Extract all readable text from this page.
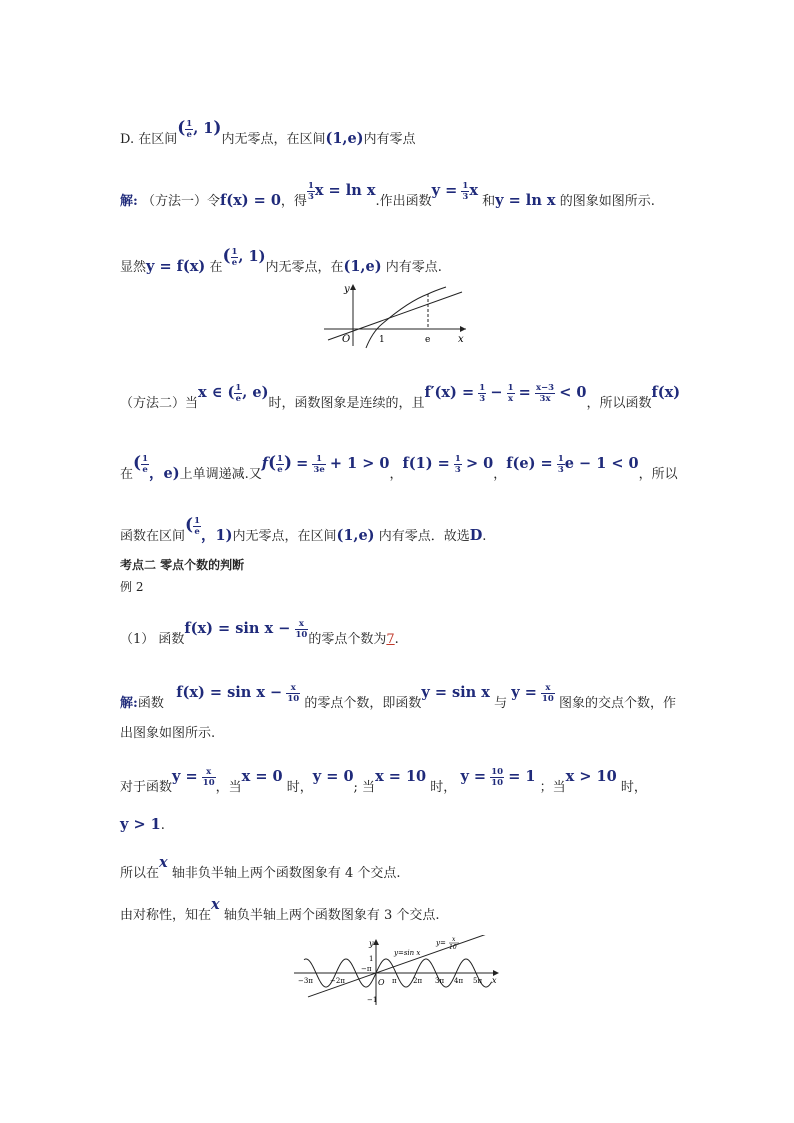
D. 在区间( $\frac{1}{e}$ , 1)内无零点，在区间(1,e)内有零点
解: （方法一）令f(x) = 0，得 $\frac{1}{3}$ x = ln x.作出函数$y = \frac{1}{3}$ x 和y = ln x 的图象如图所示.
显然y = f(x) 在( $\frac{1}{e}$ , 1)内无零点，在(1,e) 内有零点.
y
O	1	e	x
（方法二）当x ∈ ( $\frac{1}{e}$ , e)时，函数图象是连续的，且$f'(x) = \frac{1}{3} - \frac{1}{x} = \frac{x-3}{3x} < 0$，所以函数f(x)
在( $\frac{1}{e}$ ，e)上单调递减.又$f( \frac{1}{e}$ ) = $\frac{1}{3e} + 1 > 0$，$f(1) = \frac{1}{3} > 0$，$f(e) = \frac{1}{3}$ e − 1 < 0，所以
函数在区间( $\frac{1}{e}$ ，1)内无零点，在区间(1,e) 内有零点．故选D.
考点二 零点个数的判断
例 2
（1） 函数$f(x) = \sin x - \frac{x}{10}$ 的零点个数为7.
解:函数   $f(x) = \sin x - \frac{x}{10}$ 的零点个数，即函数y = sin x 与 $y = \frac{x}{10}$ 图象的交点个数，作
出图象如图所示.
对于函数$y = \frac{x}{10}$ ，当x = 0 时，y = 0; 当x = 10 时， $y = \frac{10}{10} = 1$ ；当x > 10 时，
y > 1.
所以在x 轴非负半轴上两个函数图象有 4 个交点.
由对称性，知在x 轴负半轴上两个函数图象有 3 个交点.
y
O
1
−1
−π
π 2π 3π 4π 5π
−2π
−3π	x
y=sin x
y= x
10
